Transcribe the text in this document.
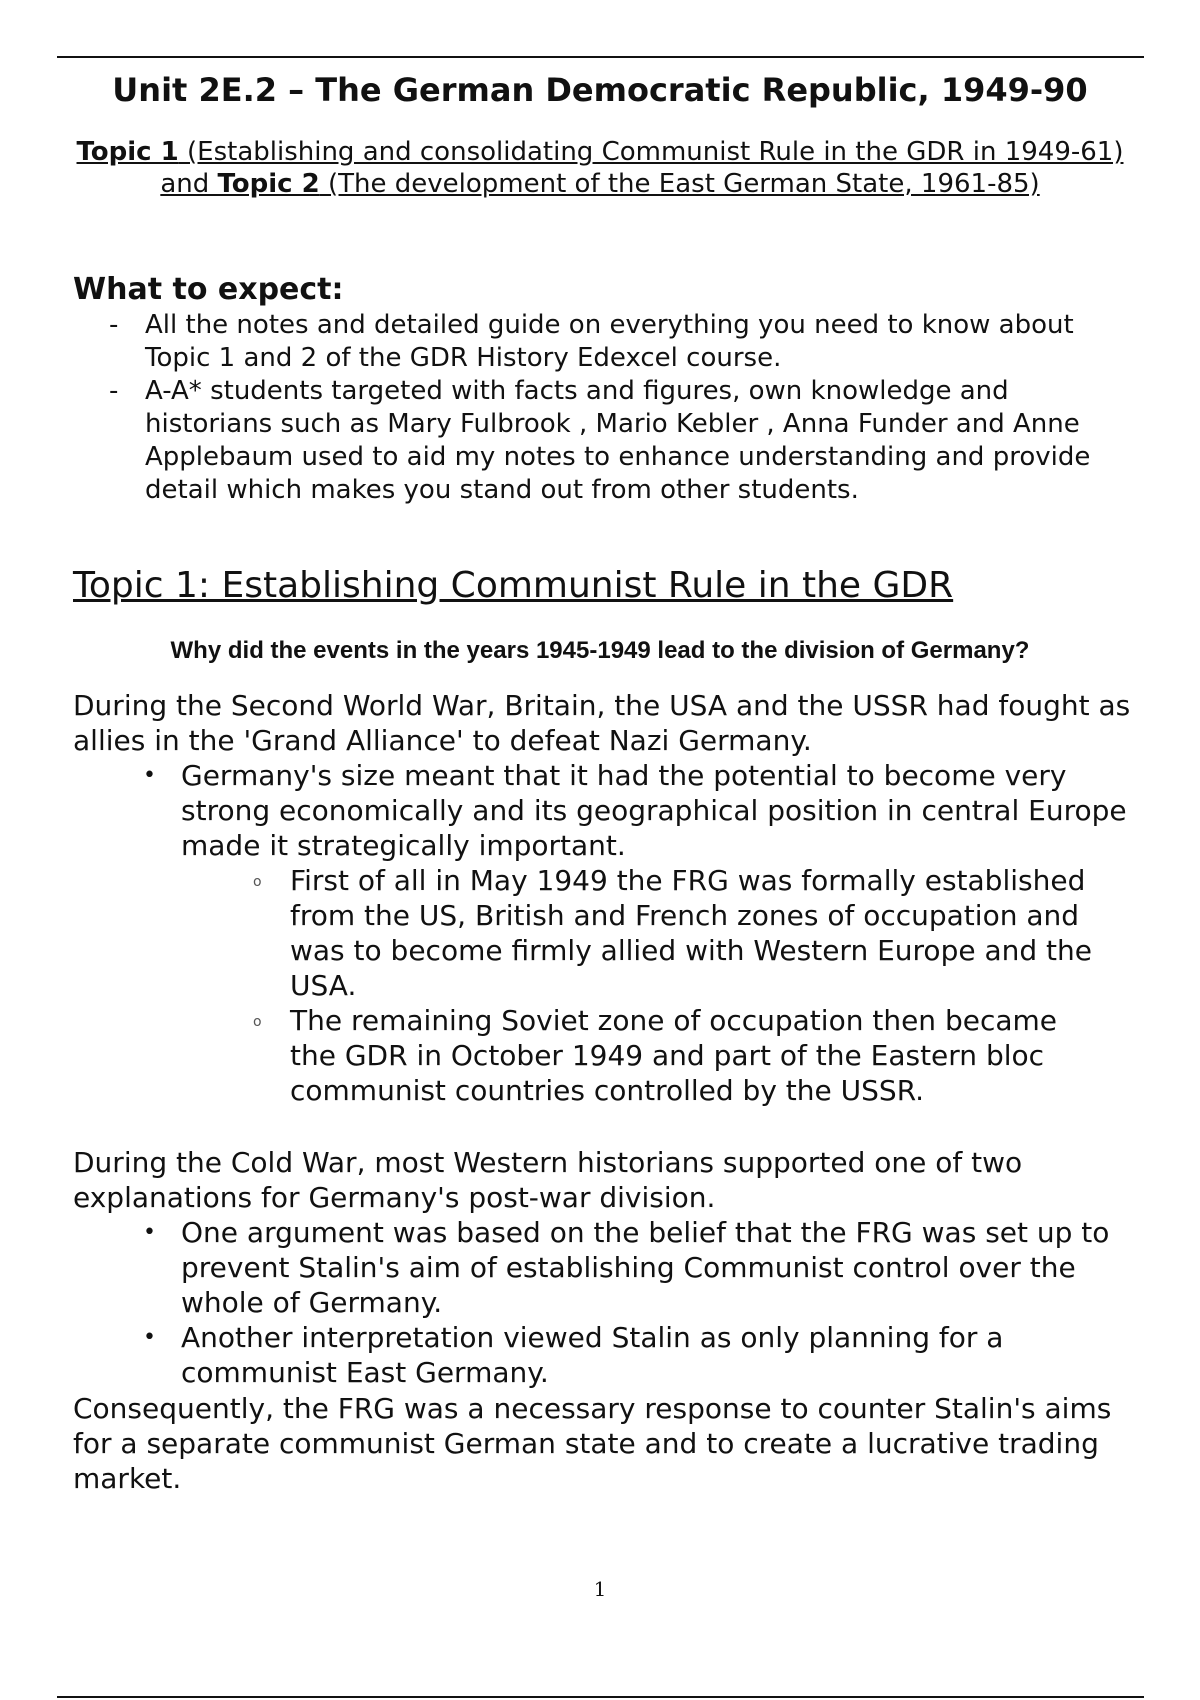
Unit 2E.2 – The German Democratic Republic, 1949-90

Topic 1 (Establishing and consolidating Communist Rule in the GDR in 1949-61) and Topic 2 (The development of the East German State, 1961-85)

What to expect:
- All the notes and detailed guide on everything you need to know about Topic 1 and 2 of the GDR History Edexcel course.
- A-A* students targeted with facts and figures, own knowledge and historians such as Mary Fulbrook , Mario Kebler , Anna Funder and Anne Applebaum used to aid my notes to enhance understanding and provide detail which makes you stand out from other students.
Topic 1: Establishing Communist Rule in the GDR

Why did the events in the years 1945-1949 lead to the division of Germany?

During the Second World War, Britain, the USA and the USSR had fought as allies in the 'Grand Alliance' to defeat Nazi Germany.

• Germany's size meant that it had the potential to become very strong economically and its geographical position in central Europe made it strategically important.
o First of all in May 1949 the FRG was formally established from the US, British and French zones of occupation and was to become firmly allied with Western Europe and the USA.
o The remaining Soviet zone of occupation then became the GDR in October 1949 and part of the Eastern bloc communist countries controlled by the USSR.

During the Cold War, most Western historians supported one of two explanations for Germany's post-war division.

• One argument was based on the belief that the FRG was set up to prevent Stalin's aim of establishing Communist control over the whole of Germany.
• Another interpretation viewed Stalin as only planning for a communist East Germany.

Consequently, the FRG was a necessary response to counter Stalin's aims for a separate communist German state and to create a lucrative trading market.

1
